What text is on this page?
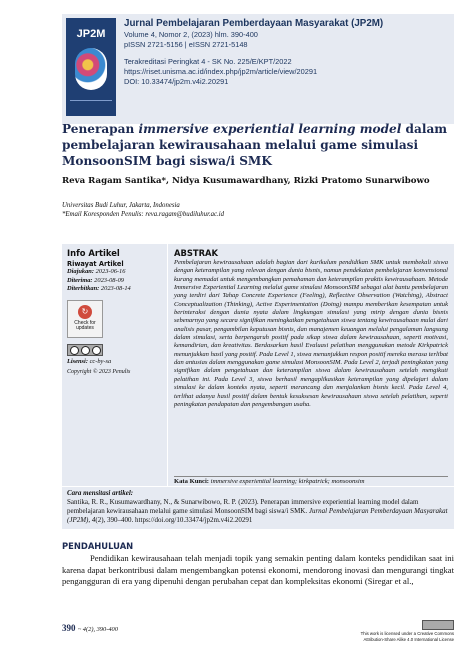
JP2M
Jurnal Pembelajaran Pemberdayaan Masyarakat (JP2M)
Volume 4, Nomor 2, (2023) hlm. 390-400
pISSN 2721-5156 | eISSN 2721-5148
Terakreditasi Peringkat 4 - SK No. 225/E/KPT/2022
https://riset.unisma.ac.id/index.php/jp2m/article/view/20291
DOI: 10.33474/jp2m.v4i2.20291
Penerapan immersive experiential learning model dalam pembelajaran kewirausahaan melalui game simulasi MonsoonSIM bagi siswa/i SMK
Reva Ragam Santika*, Nidya Kusumawardhany, Rizki Pratomo Sunarwibowo
Universitas Budi Luhur, Jakarta, Indonesia
*Email Koresponden Penulis: reva.ragam@budiluhur.ac.id
Info Artikel
Riwayat Artikel
Diajukan: 2023-06-16
Diterima: 2023-08-09
Diterbitkan: 2023-08-14
↻
Check for updates
Lisensi: cc-by-sa
Copyright © 2023 Penulis
ABSTRAK
Pembelajaran kewirausahaan adalah bagian dari kurikulum pendidikan SMK untuk membekali siswa dengan keterampilan yang relevan dengan dunia bisnis, namun pendekatan pembelajaran konvensional kurang memadai untuk mengembangkan pemahaman dan keterampilan praktis kewirausahaan. Metode Immersive Experiential Learning melalui game simulasi MonsoonSIM sebagai alat bantu pembelajaran yang terdiri dari Tahap Concrete Experience (Feeling), Reflective Observation (Watching), Abstract Conceptualization (Thinking), Active Experimentation (Doing) mampu memberikan kesempatan untuk berinteraksi dengan dunia nyata dalam lingkungan simulasi yang mirip dengan dunia bisnis sebenarnya yang secara signifikan meningkatkan pengetahuan siswa tentang kewirausahaan mulai dari analisis pasar, pengambilan keputusan bisnis, dan manajemen keuangan melalui pengalaman langsung dalam simulasi, serta berpengaruh positif pada sikap siswa dalam kewirausahaan, seperti motivasi, kemandirian, dan kreativitas. Berdasarkan hasil Evaluasi pelatihan menggunakan metode Kirkpatrick menunjukkan hasil yang positif. Pada Level 1, siswa menunjukkan respon positif mereka merasa terlibat dan antusias dalam menggunakan game simulasi MonsoonSIM. Pada Level 2, terjadi peningkatan yang signifikan dalam pengetahuan dan keterampilan siswa dalam kewirausahaan setelah mengikuti pelatihan ini. Pada Level 3, siswa berhasil mengaplikasikan keterampilan yang dipelajari dalam simulasi ke dalam konteks nyata, seperti merancang dan menjalankan bisnis kecil. Pada Level 4, terlihat adanya hasil positif dalam bentuk kesuksesan kewirausahaan siswa setelah pelatihan, seperti peningkatan pendapatan dan pengembangan usaha.
Kata Kunci: immersive experiential learning; kirkpatrick; monsoonsim
Cara mensitasi artikel:
Santika, R. R., Kusumawardhany, N., & Sunarwibowo, R. P. (2023). Penerapan immersive experiential learning model dalam pembelajaran kewirausahaan melalui game simulasi MonsoonSIM bagi siswa/i SMK. Jurnal Pembelajaran Pemberdayaan Masyarakat (JP2M), 4(2), 390–400. https://doi.org/10.33474/jp2m.v4i2.20291
PENDAHULUAN
Pendidikan kewirausahaan telah menjadi topik yang semakin penting dalam konteks pendidikan saat ini karena dapat berkontribusi dalam mengembangkan potensi ekonomi, mendorong inovasi dan mengurangi tingkat pengangguran di era yang dipenuhi dengan perubahan cepat dan kompleksitas ekonomi (Siregar et al.,
390 ~ 4(2), 390-400
This work is licensed under a Creative Commons Attribution-Share Alike 4.0 International License
